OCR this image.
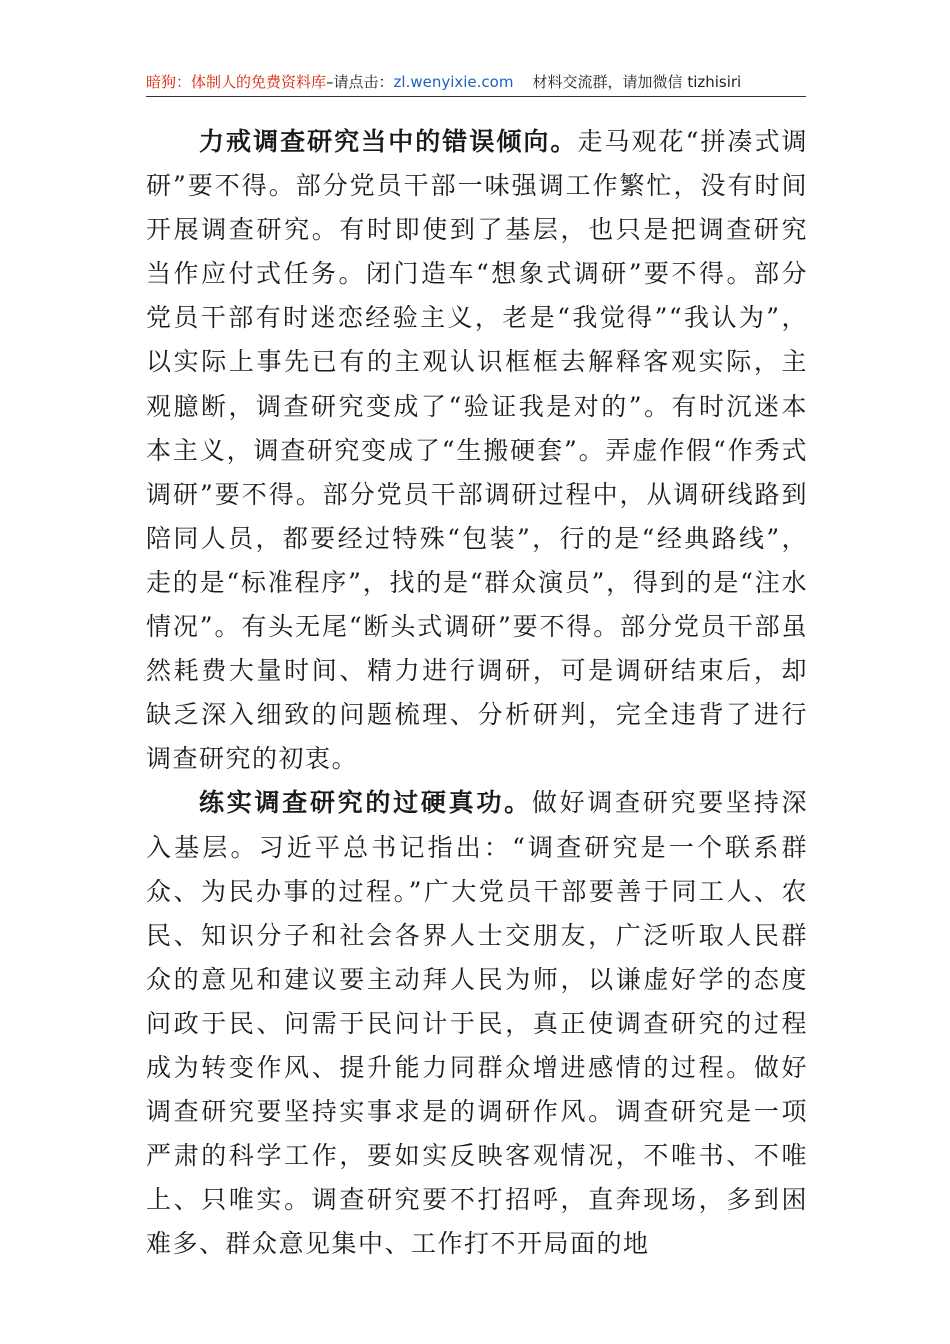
暗狗：体制人的免费资料库–请点击：zl.wenyixie.com 材料交流群，请加微信 tizhisiri

力戒调查研究当中的错误倾向。走马观花“拼凑式调研”要不得。部分党员干部一味强调工作繁忙，没有时间开展调查研究。有时即使到了基层，也只是把调查研究当作应付式任务。闭门造车“想象式调研”要不得。部分党员干部有时迷恋经验主义，老是“我觉得”“我认为”，以实际上事先已有的主观认识框框去解释客观实际，主观臆断，调查研究变成了“验证我是对的”。有时沉迷本本主义，调查研究变成了“生搬硬套”。弄虚作假“作秀式调研”要不得。部分党员干部调研过程中，从调研线路到陪同人员，都要经过特殊“包装”，行的是“经典路线”，走的是“标准程序”，找的是“群众演员”，得到的是“注水情况”。有头无尾“断头式调研”要不得。部分党员干部虽然耗费大量时间、精力进行调研，可是调研结束后，却缺乏深入细致的问题梳理、分析研判，完全违背了进行调查研究的初衷。

练实调查研究的过硬真功。做好调查研究要坚持深入基层。习近平总书记指出：“调查研究是一个联系群众、为民办事的过程。”广大党员干部要善于同工人、农民、知识分子和社会各界人士交朋友，广泛听取人民群众的意见和建议要主动拜人民为师，以谦虚好学的态度问政于民、问需于民问计于民，真正使调查研究的过程成为转变作风、提升能力同群众增进感情的过程。做好调查研究要坚持实事求是的调研作风。调查研究是一项严肃的科学工作，要如实反映客观情况，不唯书、不唯上、只唯实。调查研究要不打招呼，直奔现场，多到困难多、群众意见集中、工作打不开局面的地
